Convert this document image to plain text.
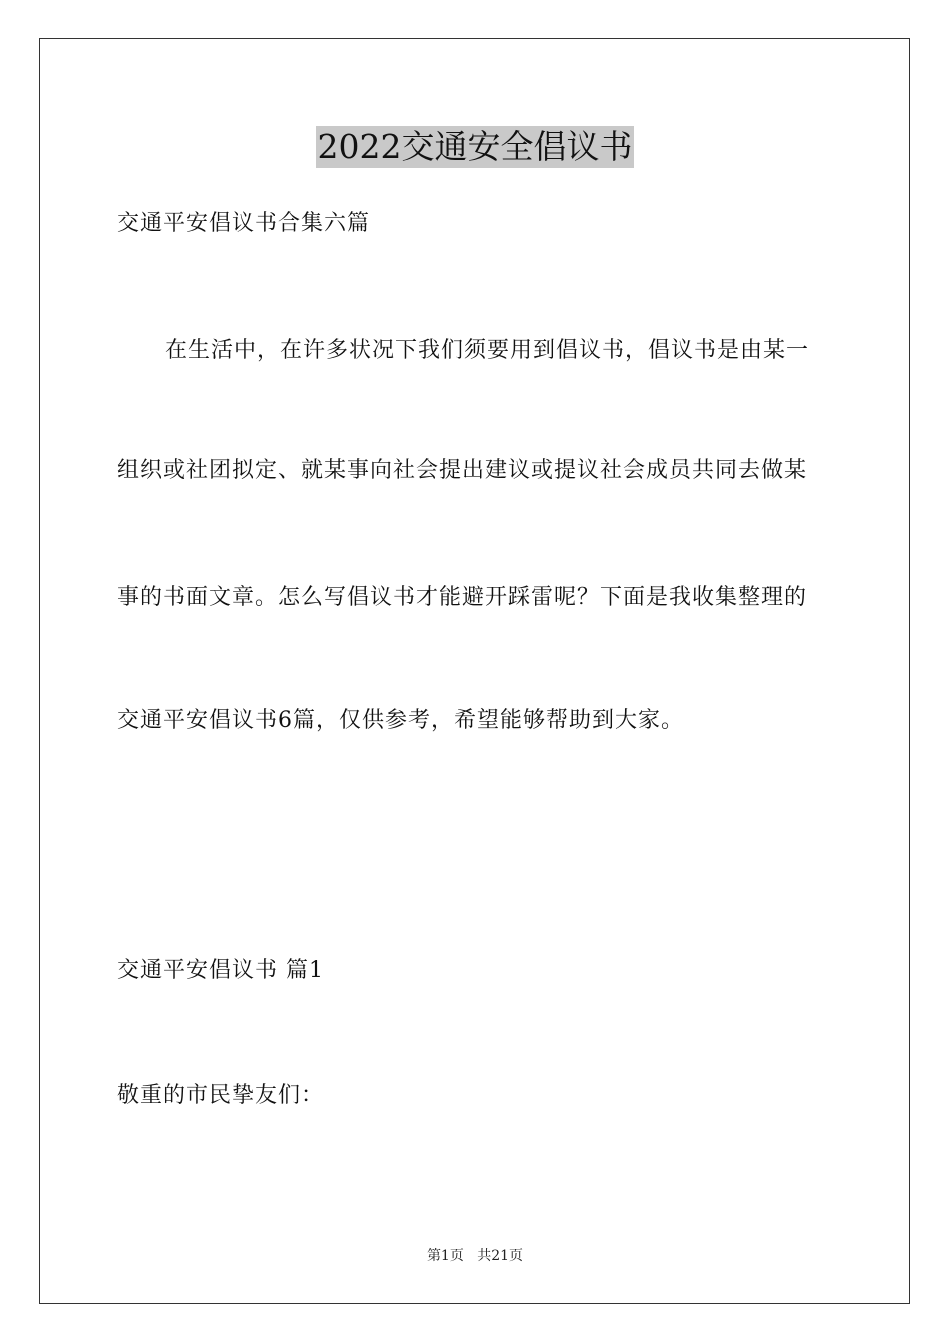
2022交通安全倡议书
交通平安倡议书合集六篇
在生活中，在许多状况下我们须要用到倡议书，倡议书是由某一
组织或社团拟定、就某事向社会提出建议或提议社会成员共同去做某
事的书面文章。怎么写倡议书才能避开踩雷呢？下面是我收集整理的
交通平安倡议书6篇，仅供参考，希望能够帮助到大家。
交通平安倡议书 篇1
敬重的市民挚友们：
第1页 共21页
